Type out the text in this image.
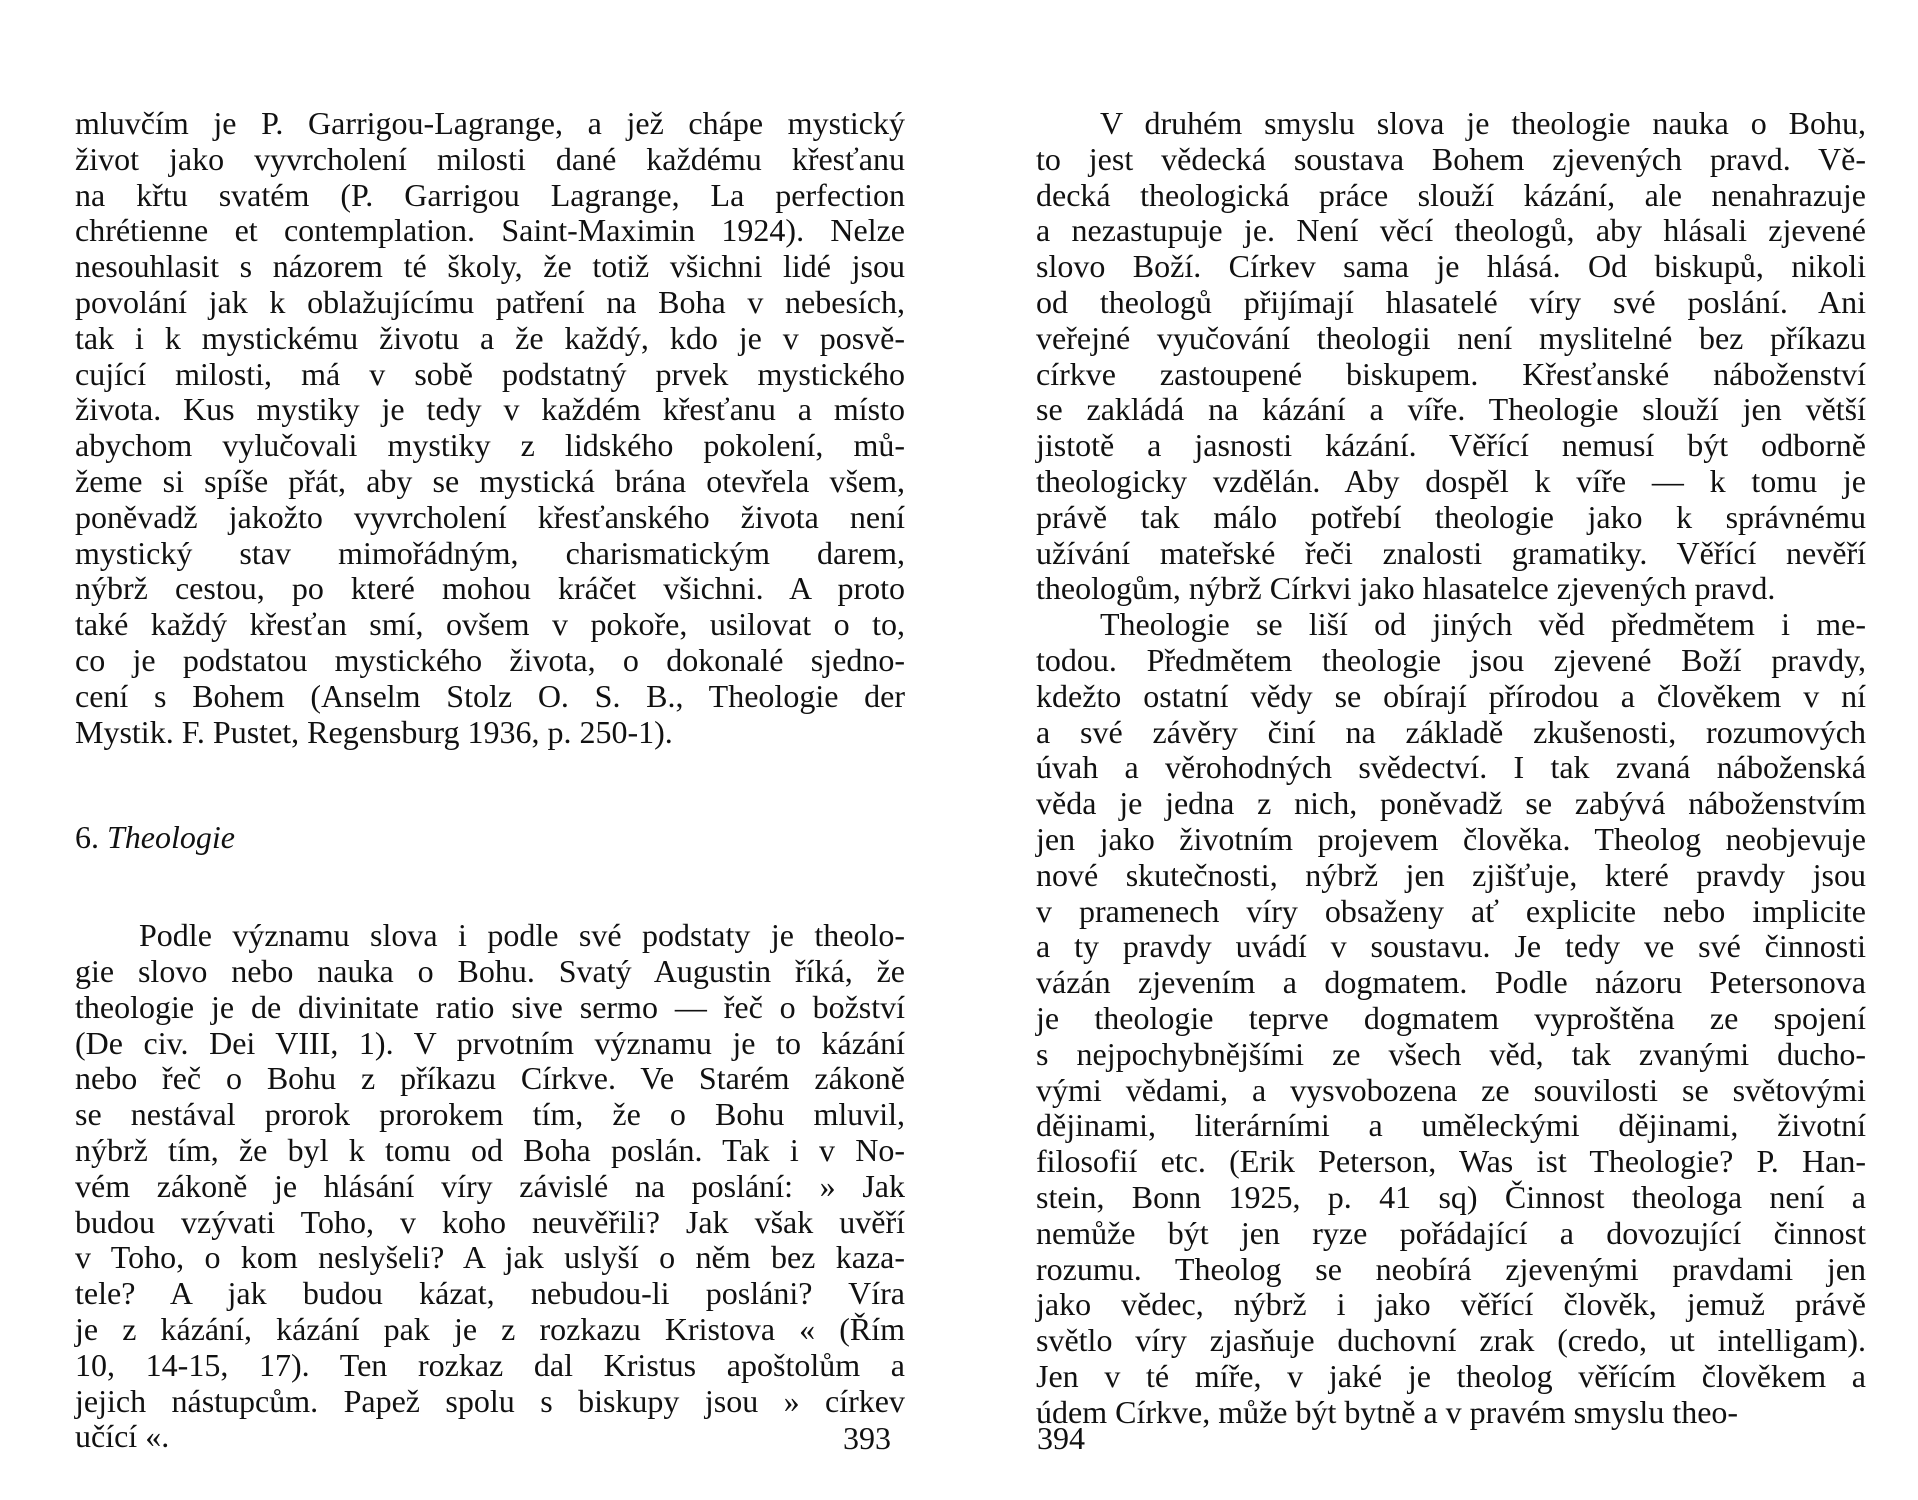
mluvčím je P. Garrigou-Lagrange, a jež chápe mystický
život jako vyvrcholení milosti dané každému křesťanu
na křtu svatém (P. Garrigou Lagrange, La perfection
chrétienne et contemplation. Saint-Maximin 1924). Nelze
nesouhlasit s názorem té školy, že totiž všichni lidé jsou
povolání jak k oblažujícímu patření na Boha v nebesích,
tak i k mystickému životu a že každý, kdo je v posvě-
cující milosti, má v sobě podstatný prvek mystického
života. Kus mystiky je tedy v každém křesťanu a místo
abychom vylučovali mystiky z lidského pokolení, mů-
žeme si spíše přát, aby se mystická brána otevřela všem,
poněvadž jakožto vyvrcholení křesťanského života není
mystický stav mimořádným, charismatickým darem,
nýbrž cestou, po které mohou kráčet všichni. A proto
také každý křesťan smí, ovšem v pokoře, usilovat o to,
co je podstatou mystického života, o dokonalé sjedno-
cení s Bohem (Anselm Stolz O. S. B., Theologie der
Mystik. F. Pustet, Regensburg 1936, p. 250-1).
6. Theologie
Podle významu slova i podle své podstaty je theolo-
gie slovo nebo nauka o Bohu. Svatý Augustin říká, že
theologie je de divinitate ratio sive sermo — řeč o božství
(De civ. Dei VIII, 1). V prvotním významu je to kázání
nebo řeč o Bohu z příkazu Církve. Ve Starém zákoně
se nestával prorok prorokem tím, že o Bohu mluvil,
nýbrž tím, že byl k tomu od Boha poslán. Tak i v No-
vém zákoně je hlásání víry závislé na poslání: » Jak
budou vzývati Toho, v koho neuvěřili? Jak však uvěří
v Toho, o kom neslyšeli? A jak uslyší o něm bez kaza-
tele? A jak budou kázat, nebudou-li posláni? Víra
je z kázání, kázání pak je z rozkazu Kristova « (Řím
10, 14-15, 17). Ten rozkaz dal Kristus apoštolům a
jejich nástupcům. Papež spolu s biskupy jsou » církev
učící «.	393
V druhém smyslu slova je theologie nauka o Bohu,
to jest vědecká soustava Bohem zjevených pravd. Vě-
decká theologická práce slouží kázání, ale nenahrazuje
a nezastupuje je. Není věcí theologů, aby hlásali zjevené
slovo Boží. Církev sama je hlásá. Od biskupů, nikoli
od theologů přijímají hlasatelé víry své poslání. Ani
veřejné vyučování theologii není myslitelné bez příkazu
církve zastoupené biskupem. Křesťanské náboženství
se zakládá na kázání a víře. Theologie slouží jen větší
jistotě a jasnosti kázání. Věřící nemusí být odborně
theologicky vzdělán. Aby dospěl k víře — k tomu je
právě tak málo potřebí theologie jako k správnému
užívání mateřské řeči znalosti gramatiky. Věřící nevěří
theologům, nýbrž Církvi jako hlasatelce zjevených pravd.
Theologie se liší od jiných věd předmětem i me-
todou. Předmětem theologie jsou zjevené Boží pravdy,
kdežto ostatní vědy se obírají přírodou a člověkem v ní
a své závěry činí na základě zkušenosti, rozumových
úvah a věrohodných svědectví. I tak zvaná náboženská
věda je jedna z nich, poněvadž se zabývá náboženstvím
jen jako životním projevem člověka. Theolog neobjevuje
nové skutečnosti, nýbrž jen zjišťuje, které pravdy jsou
v pramenech víry obsaženy ať explicite nebo implicite
a ty pravdy uvádí v soustavu. Je tedy ve své činnosti
vázán zjevením a dogmatem. Podle názoru Petersonova
je theologie teprve dogmatem vyproštěna ze spojení
s nejpochybnějšími ze všech věd, tak zvanými ducho-
vými vědami, a vysvobozena ze souvilosti se světovými
dějinami, literárními a uměleckými dějinami, životní
filosofií etc. (Erik Peterson, Was ist Theologie? P. Han-
stein, Bonn 1925, p. 41 sq) Činnost theologa není a
nemůže být jen ryze pořádající a dovozující činnost
rozumu. Theolog se neobírá zjevenými pravdami jen
jako vědec, nýbrž i jako věřící člověk, jemuž právě
světlo víry zjasňuje duchovní zrak (credo, ut intelligam).
Jen v té míře, v jaké je theolog věřícím člověkem a
údem Církve, může být bytně a v pravém smyslu theo-
394
